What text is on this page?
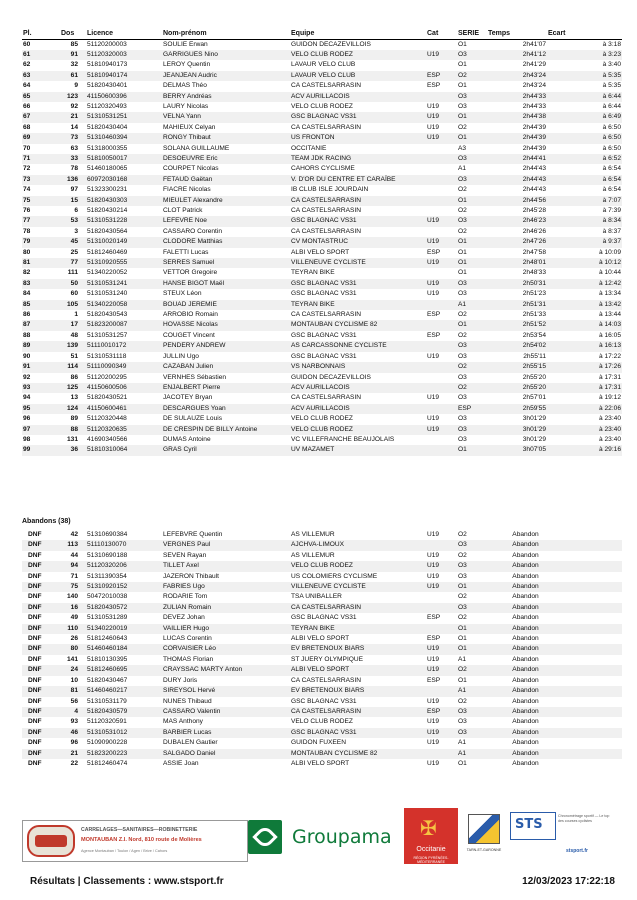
Pl.	Dos	Licence	Nom-prénom	Equipe	Cat	SERIE	Temps	Ecart
60	85	51120200003	SOULIE Erwan	GUIDON DECAZEVILLOIS		O1	2h41'07	à 3:18
61	91	51120320003	GARRIGUES Nino	VELO CLUB RODEZ	U19	O3	2h41'12	à 3:23
62	32	51810940173	LEROY Quentin	LAVAUR VELO CLUB		O1	2h41'29	à 3:40
63	61	51810940174	JEANJEAN Audric	LAVAUR VELO CLUB	ESP	O2	2h43'24	à 5:35
64	9	51820430401	DELMAS Théo	CA CASTELSARRASIN	ESP	O1	2h43'24	à 5:35
65	123	41150600396	BERRY Andréas	ACV AURILLACOIS		O3	2h44'33	à 6:44
66	92	51120320493	LAURY Nicolas	VELO CLUB RODEZ	U19	O3	2h44'33	à 6:44
67	21	51310531251	VELNA Yann	GSC BLAGNAC VS31	U19	O1	2h44'38	à 6:49
68	14	51820430404	MAHIEUX Celyan	CA CASTELSARRASIN	U19	O2	2h44'39	à 6:50
69	73	51310460394	RONGY Thibaut	US FRONTON	U19	O1	2h44'39	à 6:50
70	63	51318000355	SOLANA GUILLAUME	OCCITANIE		A3	2h44'39	à 6:50
71	33	51810050017	DESOEUVRE Eric	TEAM JDK RACING		O3	2h44'41	à 6:52
72	78	51460180065	COURPET Nicolas	CAHORS CYCLISME		A1	2h44'43	à 6:54
73	136	60972030168	FETAUD Gaëtan	V. D'OR DU CENTRE ET CARAÏBE		O3	2h44'43	à 6:54
74	97	51323300231	FIACRE Nicolas	IB CLUB ISLE JOURDAIN		O2	2h44'43	à 6:54
75	15	51820430303	MIEULET Alexandre	CA CASTELSARRASIN		O1	2h44'56	à 7:07
76	6	51820430214	CLOT Patrick	CA CASTELSARRASIN		O2	2h45'28	à 7:39
77	53	51310531228	LEFEVRE Noe	GSC BLAGNAC VS31	U19	O3	2h46'23	à 8:34
78	3	51820430564	CASSARO Corentin	CA CASTELSARRASIN		O2	2h46'26	à 8:37
79	45	51310020149	CLODORE Matthias	CV MONTASTRUC	U19	O1	2h47'26	à 9:37
80	25	51812460469	FALETTI Lucas	ALBI VELO SPORT	ESP	O1	2h47'58	à 10:09
81	77	51310920555	SERRES Samuel	VILLENEUVE CYCLISTE	U19	O1	2h48'01	à 10:12
82	111	51340220052	VETTOR Gregoire	TEYRAN BIKE		O1	2h48'33	à 10:44
83	50	51310531241	HANSE BIGOT Maël	GSC BLAGNAC VS31	U19	O3	2h50'31	à 12:42
84	60	51310531240	STEUX Léon	GSC BLAGNAC VS31	U19	O3	2h51'23	à 13:34
85	105	51340220058	BOUAD JEREMIE	TEYRAN BIKE		A1	2h51'31	à 13:42
86	1	51820430543	ARROBIO Romain	CA CASTELSARRASIN	ESP	O2	2h51'33	à 13:44
87	17	51823200087	HOVASSE Nicolas	MONTAUBAN CYCLISME 82		O1	2h51'52	à 14:03
88	48	51310531257	COUGET Vincent	GSC BLAGNAC VS31	ESP	O2	2h53'54	à 16:05
89	139	51110010172	PENDERY ANDREW	AS CARCASSONNE CYCLISTE		O3	2h54'02	à 16:13
90	51	51310531118	JULLIN Ugo	GSC BLAGNAC VS31	U19	O3	2h55'11	à 17:22
91	114	51110090349	CAZABAN Julien	VS NARBONNAIS		O2	2h55'15	à 17:26
92	86	51120200295	VERNHES Sébastien	GUIDON DECAZEVILLOIS		O3	2h55'20	à 17:31
93	125	41150600506	ENJALBERT Pierre	ACV AURILLACOIS		O2	2h55'20	à 17:31
94	13	51820430521	JACOTEY Bryan	CA CASTELSARRASIN	U19	O3	2h57'01	à 19:12
95	124	41150600461	DESCARGUES Yoan	ACV AURILLACOIS		ESP	2h59'55	à 22:06
96	89	51120320448	DE SULAUZE Louis	VELO CLUB RODEZ	U19	O3	3h01'29	à 23:40
97	88	51120320635	DE CRESPIN DE BILLY Antoine	VELO CLUB RODEZ	U19	O3	3h01'29	à 23:40
98	131	41690340566	DUMAS Antoine	VC VILLEFRANCHE BEAUJOLAIS		O3	3h01'29	à 23:40
99	36	51810310064	GRAS Cyril	UV MAZAMET		O1	3h07'05	à 29:16
Abandons (38)
DNF	42	51310690384	LEFEBVRE Quentin	AS VILLEMUR	U19	O2	Abandon	
DNF	113	51110130070	VERGNES Paul	AJCHVA-LIMOUX		O3	Abandon	
DNF	44	51310690188	SEVEN Rayan	AS VILLEMUR	U19	O2	Abandon	
DNF	94	51120320206	TILLET Axel	VELO CLUB RODEZ	U19	O3	Abandon	
DNF	71	51311390354	JAZERON Thibault	US COLOMIERS CYCLISME	U19	O3	Abandon	
DNF	75	51310920152	FABRIES Ugo	VILLENEUVE CYCLISTE	U19	O1	Abandon	
DNF	140	50472010038	RODARIE Tom	TSA UNIBALLER		O2	Abandon	
DNF	16	51820430572	ZULIAN Romain	CA CASTELSARRASIN		O3	Abandon	
DNF	49	51310531289	DEVEZ Johan	GSC BLAGNAC VS31	ESP	O2	Abandon	
DNF	110	51340220019	VAILLIER Hugo	TEYRAN BIKE		O1	Abandon	
DNF	26	51812460643	LUCAS Corentin	ALBI VELO SPORT	ESP	O1	Abandon	
DNF	80	51460460184	CORVAISIER Léo	EV BRETENOUX BIARS	U19	O1	Abandon	
DNF	141	51810130395	THOMAS Florian	ST JUERY OLYMPIQUE	U19	A1	Abandon	
DNF	24	51812460695	CRAYSSAC MARTY Anton	ALBI VELO SPORT	U19	O2	Abandon	
DNF	10	51820430467	DURY Joris	CA CASTELSARRASIN	ESP	O1	Abandon	
DNF	81	51460460217	SIREYSOL Hervé	EV BRETENOUX BIARS		A1	Abandon	
DNF	56	51310531179	NUNES Thibaud	GSC BLAGNAC VS31	U19	O2	Abandon	
DNF	4	51820430579	CASSARO Valentin	CA CASTELSARRASIN	ESP	O3	Abandon	
DNF	93	51120320591	MAS Anthony	VELO CLUB RODEZ	U19	O3	Abandon	
DNF	46	51310531012	BARBIER Lucas	GSC BLAGNAC VS31	U19	O3	Abandon	
DNF	96	51090900228	DUBALEN Gautier	GUIDON FUXEEN	U19	A1	Abandon	
DNF	21	51823200223	SALGADO Daniel	MONTAUBAN CYCLISME 82		A1	Abandon	
DNF	22	51812460474	ASSIE Joan	ALBI VELO SPORT	U19	O1	Abandon	
CARRELAGES—SANITAIRES—ROBINETTERIE
MONTAUBAN Z.I. Nord, 810 route de Molières
Agence Montauban / Toulon / Agen / Brive / Cahors
Groupama ✠
Occitanie
RÉGION PYRÉNÉES-MÉDITERRANÉE
TARN-ET-GARONNE
STS
Chronométrage sportif — Le top des courses cyclistes
stsport.fr
Résultats | Classements : www.stsport.fr	12/03/2023 17:22:18
